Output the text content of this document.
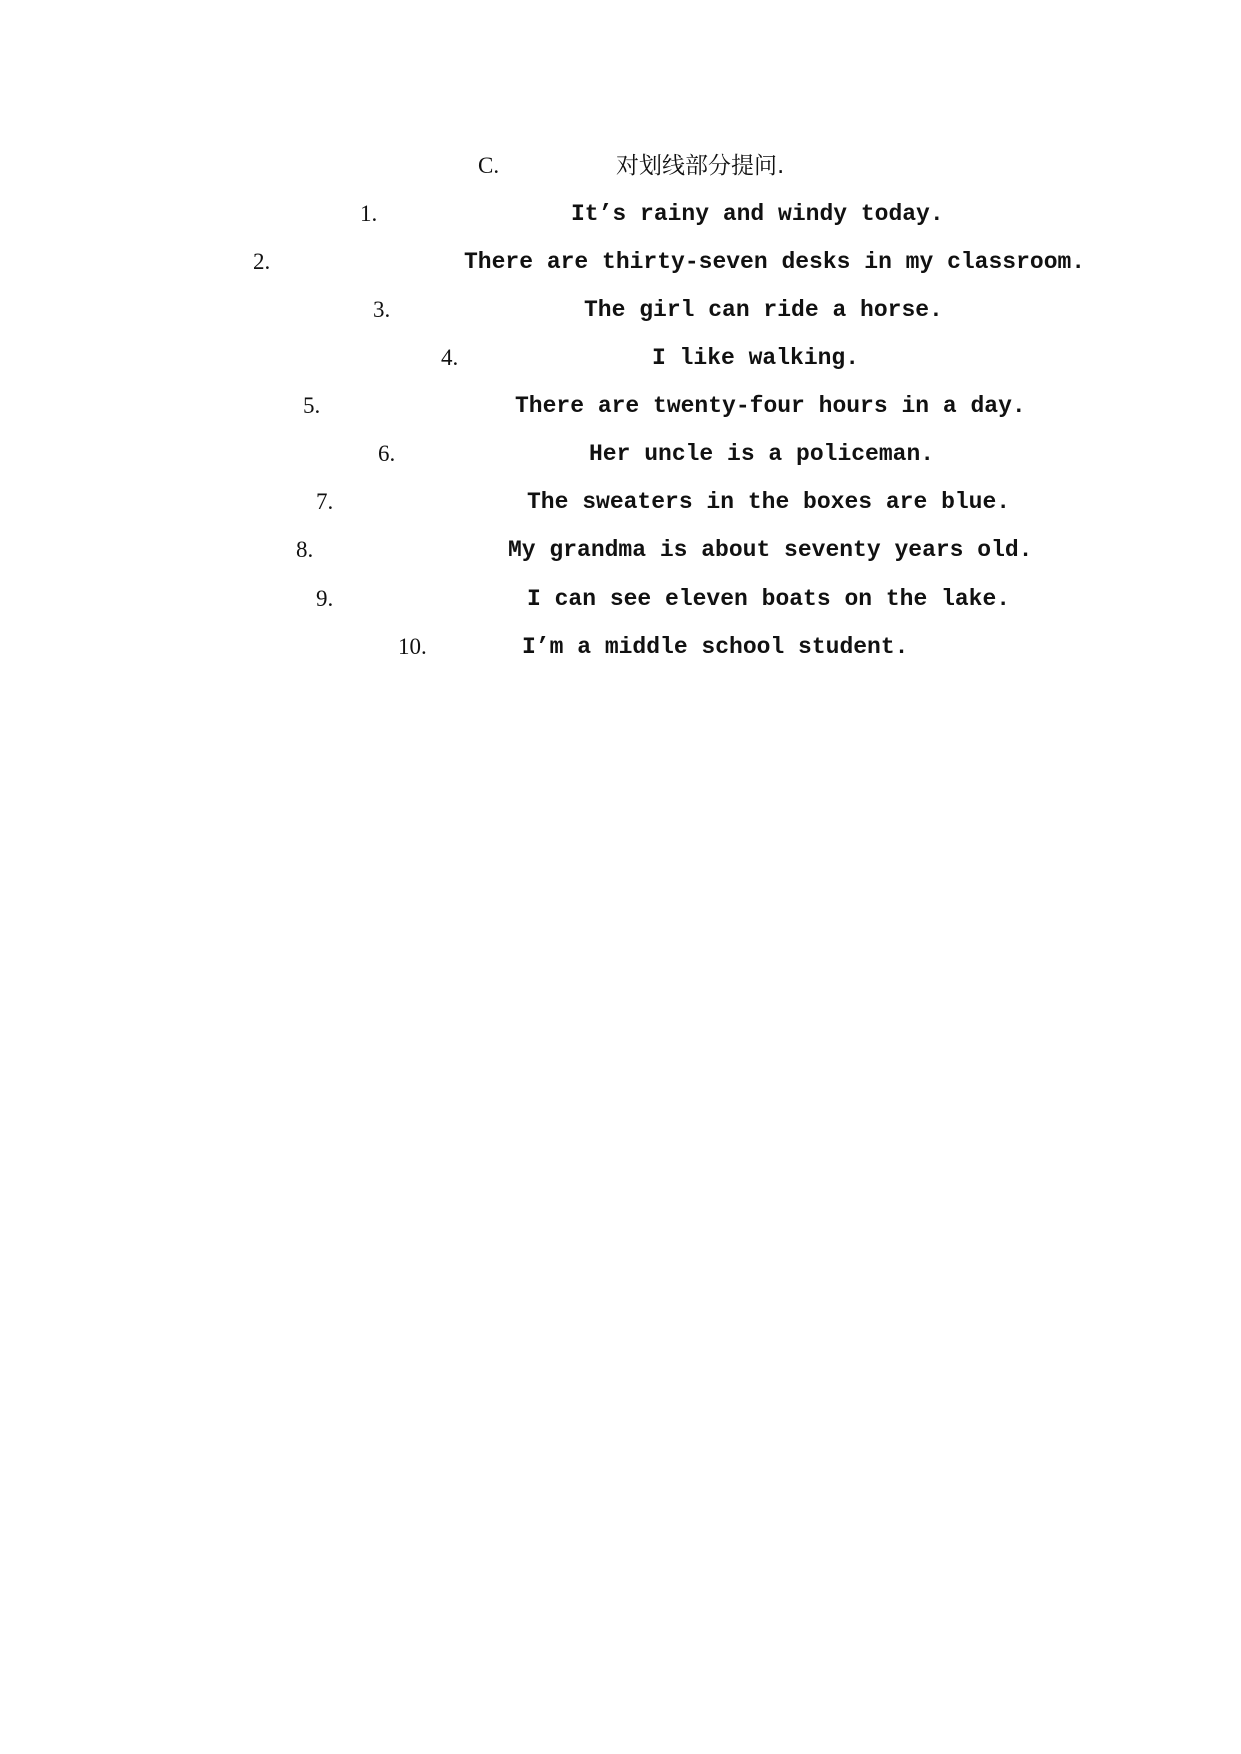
C.	对划线部分提问.
1.	It’s rainy and windy today.
2.	There are thirty-seven desks in my classroom.
3.	The girl can ride a horse.
4.	I like walking.
5.	There are twenty-four hours in a day.
6.	Her uncle is a policeman.
7.	The sweaters in the boxes are blue.
8.	My grandma is about seventy years old.
9.	I can see eleven boats on the lake.
10.	I’m a middle school student.
